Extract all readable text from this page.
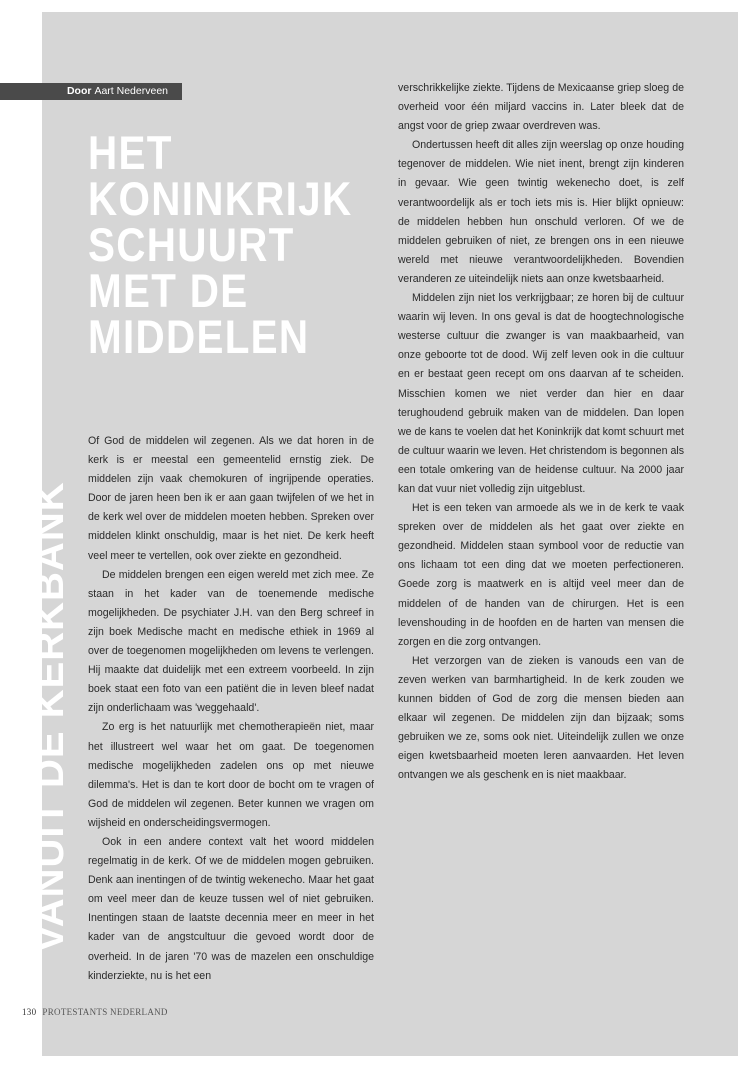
Door Aart Nederveen
HET
KONINKRIJK
SCHUURT
MET DE
MIDDELEN
VANUIT DE KERKBANK

Of God de middelen wil zegenen. Als we dat horen in de kerk is er meestal een gemeentelid ernstig ziek. De middelen zijn vaak chemokuren of ingrijpende operaties. Door de jaren heen ben ik er aan gaan twijfelen of we het in de kerk wel over de middelen moeten hebben. Spreken over middelen klinkt onschuldig, maar is het niet. De kerk heeft veel meer te vertellen, ook over ziekte en gezondheid.

De middelen brengen een eigen wereld met zich mee. Ze staan in het kader van de toenemende medische mogelijkheden. De psychiater J.H. van den Berg schreef in zijn boek Medische macht en medische ethiek in 1969 al over de toegenomen mogelijkheden om levens te verlengen. Hij maakte dat duidelijk met een extreem voorbeeld. In zijn boek staat een foto van een patiënt die in leven bleef nadat zijn onderlichaam was 'weggehaald'.

Zo erg is het natuurlijk met chemotherapieën niet, maar het illustreert wel waar het om gaat. De toegenomen medische mogelijkheden zadelen ons op met nieuwe dilemma's. Het is dan te kort door de bocht om te vragen of God de middelen wil zegenen. Beter kunnen we vragen om wijsheid en onderscheidingsvermogen.

Ook in een andere context valt het woord middelen regelmatig in de kerk. Of we de middelen mogen gebruiken. Denk aan inentingen of de twintig wekenecho. Maar het gaat om veel meer dan de keuze tussen wel of niet gebruiken. Inentingen staan de laatste decennia meer en meer in het kader van de angstcultuur die gevoed wordt door de overheid. In de jaren '70 was de mazelen een onschuldige kinderziekte, nu is het een

verschrikkelijke ziekte. Tijdens de Mexicaanse griep sloeg de overheid voor één miljard vaccins in. Later bleek dat de angst voor de griep zwaar overdreven was.

Ondertussen heeft dit alles zijn weerslag op onze houding tegenover de middelen. Wie niet inent, brengt zijn kinderen in gevaar. Wie geen twintig wekenecho doet, is zelf verantwoordelijk als er toch iets mis is. Hier blijkt opnieuw: de middelen hebben hun onschuld verloren. Of we de middelen gebruiken of niet, ze brengen ons in een nieuwe wereld met nieuwe verantwoordelijkheden. Bovendien veranderen ze uiteindelijk niets aan onze kwetsbaarheid.

Middelen zijn niet los verkrijgbaar; ze horen bij de cultuur waarin wij leven. In ons geval is dat de hoogtechnologische westerse cultuur die zwanger is van maakbaarheid, van onze geboorte tot de dood. Wij zelf leven ook in die cultuur en er bestaat geen recept om ons daarvan af te scheiden. Misschien komen we niet verder dan hier en daar terughoudend gebruik maken van de middelen. Dan lopen we de kans te voelen dat het Koninkrijk dat komt schuurt met de cultuur waarin we leven. Het christendom is begonnen als een totale omkering van de heidense cultuur. Na 2000 jaar kan dat vuur niet volledig zijn uitgeblust.

Het is een teken van armoede als we in de kerk te vaak spreken over de middelen als het gaat over ziekte en gezondheid. Middelen staan symbool voor de reductie van ons lichaam tot een ding dat we moeten perfectioneren. Goede zorg is maatwerk en is altijd veel meer dan de middelen of de handen van de chirurgen. Het is een levenshouding in de hoofden en de harten van mensen die zorgen en die zorg ontvangen.

Het verzorgen van de zieken is vanouds een van de zeven werken van barmhartigheid. In de kerk zouden we kunnen bidden of God de zorg die mensen bieden aan elkaar wil zegenen. De middelen zijn dan bijzaak; soms gebruiken we ze, soms ook niet. Uiteindelijk zullen we onze eigen kwetsbaarheid moeten leren aanvaarden. Het leven ontvangen we als geschenk en is niet maakbaar.

130 PROTESTANTS NEDERLAND
